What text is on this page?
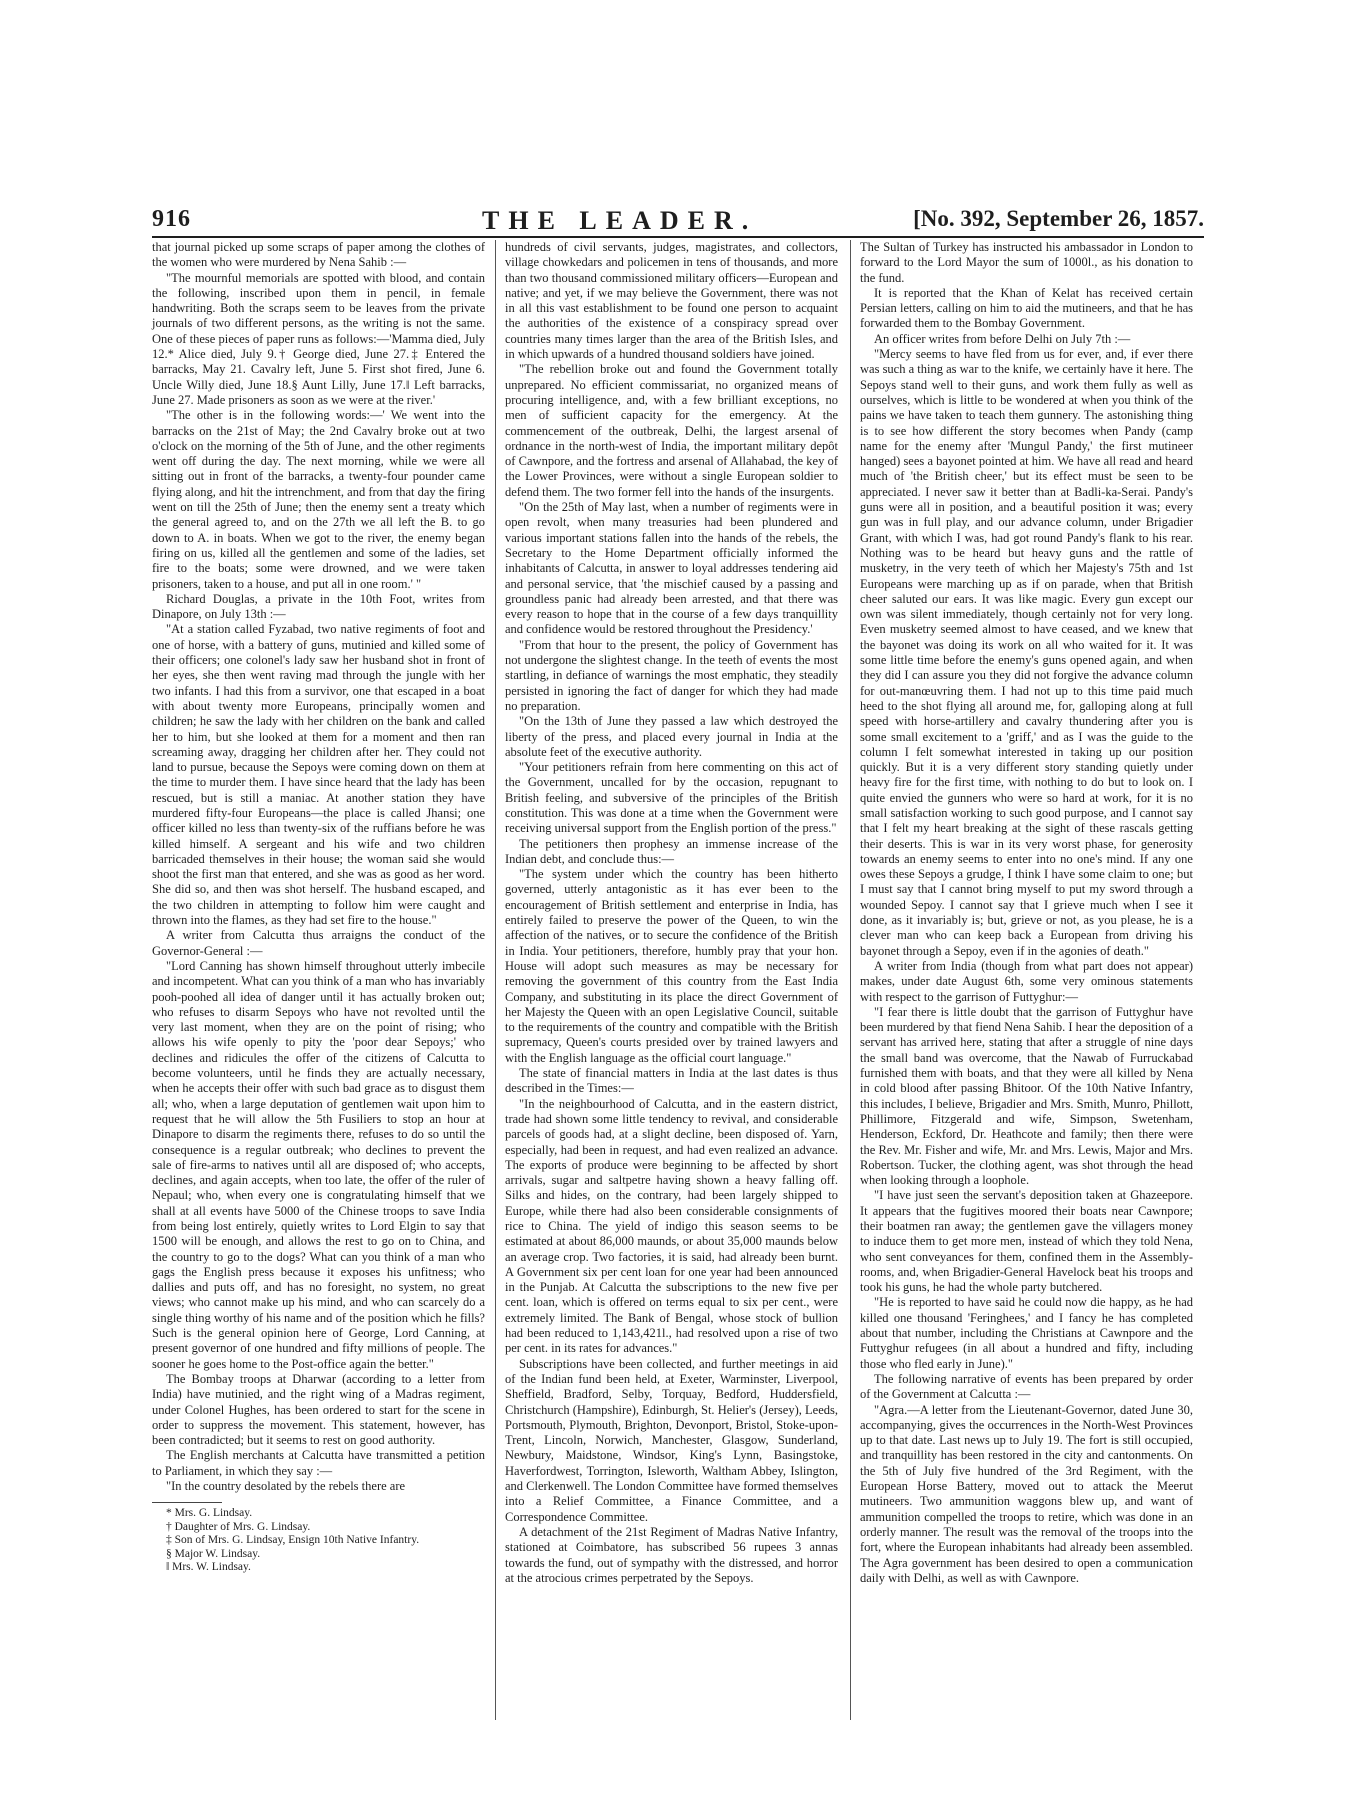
916	THE LEADER.	[No. 392, September 26, 1857.

that journal picked up some scraps of paper among the clothes of the women who were murdered by Nena Sahib :—

"The mournful memorials are spotted with blood, and contain the following, inscribed upon them in pencil, in female handwriting. Both the scraps seem to be leaves from the private journals of two different persons, as the writing is not the same. One of these pieces of paper runs as follows:—'Mamma died, July 12.* Alice died, July 9.† George died, June 27.‡ Entered the barracks, May 21. Cavalry left, June 5. First shot fired, June 6. Uncle Willy died, June 18.§ Aunt Lilly, June 17.‖ Left barracks, June 27. Made prisoners as soon as we were at the river.'

"The other is in the following words:—' We went into the barracks on the 21st of May; the 2nd Cavalry broke out at two o'clock on the morning of the 5th of June, and the other regiments went off during the day. The next morning, while we were all sitting out in front of the barracks, a twenty-four pounder came flying along, and hit the intrenchment, and from that day the firing went on till the 25th of June; then the enemy sent a treaty which the general agreed to, and on the 27th we all left the B. to go down to A. in boats. When we got to the river, the enemy began firing on us, killed all the gentlemen and some of the ladies, set fire to the boats; some were drowned, and we were taken prisoners, taken to a house, and put all in one room.' "

Richard Douglas, a private in the 10th Foot, writes from Dinapore, on July 13th :—

"At a station called Fyzabad, two native regiments of foot and one of horse, with a battery of guns, mutinied and killed some of their officers; one colonel's lady saw her husband shot in front of her eyes, she then went raving mad through the jungle with her two infants. I had this from a survivor, one that escaped in a boat with about twenty more Europeans, principally women and children; he saw the lady with her children on the bank and called her to him, but she looked at them for a moment and then ran screaming away, dragging her children after her. They could not land to pursue, because the Sepoys were coming down on them at the time to murder them. I have since heard that the lady has been rescued, but is still a maniac. At another station they have murdered fifty-four Europeans—the place is called Jhansi; one officer killed no less than twenty-six of the ruffians before he was killed himself. A sergeant and his wife and two children barricaded themselves in their house; the woman said she would shoot the first man that entered, and she was as good as her word. She did so, and then was shot herself. The husband escaped, and the two children in attempting to follow him were caught and thrown into the flames, as they had set fire to the house."

A writer from Calcutta thus arraigns the conduct of the Governor-General :—

"Lord Canning has shown himself throughout utterly imbecile and incompetent. What can you think of a man who has invariably pooh-poohed all idea of danger until it has actually broken out; who refuses to disarm Sepoys who have not revolted until the very last moment, when they are on the point of rising; who allows his wife openly to pity the 'poor dear Sepoys;' who declines and ridicules the offer of the citizens of Calcutta to become volunteers, until he finds they are actually necessary, when he accepts their offer with such bad grace as to disgust them all; who, when a large deputation of gentlemen wait upon him to request that he will allow the 5th Fusiliers to stop an hour at Dinapore to disarm the regiments there, refuses to do so until the consequence is a regular outbreak; who declines to prevent the sale of fire-arms to natives until all are disposed of; who accepts, declines, and again accepts, when too late, the offer of the ruler of Nepaul; who, when every one is congratulating himself that we shall at all events have 5000 of the Chinese troops to save India from being lost entirely, quietly writes to Lord Elgin to say that 1500 will be enough, and allows the rest to go on to China, and the country to go to the dogs? What can you think of a man who gags the English press because it exposes his unfitness; who dallies and puts off, and has no foresight, no system, no great views; who cannot make up his mind, and who can scarcely do a single thing worthy of his name and of the position which he fills? Such is the general opinion here of George, Lord Canning, at present governor of one hundred and fifty millions of people. The sooner he goes home to the Post-office again the better."

The Bombay troops at Dharwar (according to a letter from India) have mutinied, and the right wing of a Madras regiment, under Colonel Hughes, has been ordered to start for the scene in order to suppress the movement. This statement, however, has been contradicted; but it seems to rest on good authority.

The English merchants at Calcutta have transmitted a petition to Parliament, in which they say :—

"In the country desolated by the rebels there are

* Mrs. G. Lindsay.
† Daughter of Mrs. G. Lindsay.
‡ Son of Mrs. G. Lindsay, Ensign 10th Native Infantry.
§ Major W. Lindsay.
‖ Mrs. W. Lindsay.

hundreds of civil servants, judges, magistrates, and collectors, village chowkedars and policemen in tens of thousands, and more than two thousand commissioned military officers—European and native; and yet, if we may believe the Government, there was not in all this vast establishment to be found one person to acquaint the authorities of the existence of a conspiracy spread over countries many times larger than the area of the British Isles, and in which upwards of a hundred thousand soldiers have joined.

"The rebellion broke out and found the Government totally unprepared. No efficient commissariat, no organized means of procuring intelligence, and, with a few brilliant exceptions, no men of sufficient capacity for the emergency. At the commencement of the outbreak, Delhi, the largest arsenal of ordnance in the north-west of India, the important military depôt of Cawnpore, and the fortress and arsenal of Allahabad, the key of the Lower Provinces, were without a single European soldier to defend them. The two former fell into the hands of the insurgents.

"On the 25th of May last, when a number of regiments were in open revolt, when many treasuries had been plundered and various important stations fallen into the hands of the rebels, the Secretary to the Home Department officially informed the inhabitants of Calcutta, in answer to loyal addresses tendering aid and personal service, that 'the mischief caused by a passing and groundless panic had already been arrested, and that there was every reason to hope that in the course of a few days tranquillity and confidence would be restored throughout the Presidency.'

"From that hour to the present, the policy of Government has not undergone the slightest change. In the teeth of events the most startling, in defiance of warnings the most emphatic, they steadily persisted in ignoring the fact of danger for which they had made no preparation.

"On the 13th of June they passed a law which destroyed the liberty of the press, and placed every journal in India at the absolute feet of the executive authority.

"Your petitioners refrain from here commenting on this act of the Government, uncalled for by the occasion, repugnant to British feeling, and subversive of the principles of the British constitution. This was done at a time when the Government were receiving universal support from the English portion of the press."

The petitioners then prophesy an immense increase of the Indian debt, and conclude thus:—

"The system under which the country has been hitherto governed, utterly antagonistic as it has ever been to the encouragement of British settlement and enterprise in India, has entirely failed to preserve the power of the Queen, to win the affection of the natives, or to secure the confidence of the British in India. Your petitioners, therefore, humbly pray that your hon. House will adopt such measures as may be necessary for removing the government of this country from the East India Company, and substituting in its place the direct Government of her Majesty the Queen with an open Legislative Council, suitable to the requirements of the country and compatible with the British supremacy, Queen's courts presided over by trained lawyers and with the English language as the official court language."

The state of financial matters in India at the last dates is thus described in the Times:—

"In the neighbourhood of Calcutta, and in the eastern district, trade had shown some little tendency to revival, and considerable parcels of goods had, at a slight decline, been disposed of. Yarn, especially, had been in request, and had even realized an advance. The exports of produce were beginning to be affected by short arrivals, sugar and saltpetre having shown a heavy falling off. Silks and hides, on the contrary, had been largely shipped to Europe, while there had also been considerable consignments of rice to China. The yield of indigo this season seems to be estimated at about 86,000 maunds, or about 35,000 maunds below an average crop. Two factories, it is said, had already been burnt. A Government six per cent loan for one year had been announced in the Punjab. At Calcutta the subscriptions to the new five per cent. loan, which is offered on terms equal to six per cent., were extremely limited. The Bank of Bengal, whose stock of bullion had been reduced to 1,143,421l., had resolved upon a rise of two per cent. in its rates for advances."

Subscriptions have been collected, and further meetings in aid of the Indian fund been held, at Exeter, Warminster, Liverpool, Sheffield, Bradford, Selby, Torquay, Bedford, Huddersfield, Christchurch (Hampshire), Edinburgh, St. Helier's (Jersey), Leeds, Portsmouth, Plymouth, Brighton, Devonport, Bristol, Stoke-upon-Trent, Lincoln, Norwich, Manchester, Glasgow, Sunderland, Newbury, Maidstone, Windsor, King's Lynn, Basingstoke, Haverfordwest, Torrington, Isleworth, Waltham Abbey, Islington, and Clerkenwell. The London Committee have formed themselves into a Relief Committee, a Finance Committee, and a Correspondence Committee.

A detachment of the 21st Regiment of Madras Native Infantry, stationed at Coimbatore, has subscribed 56 rupees 3 annas towards the fund, out of sympathy with the distressed, and horror at the atrocious crimes perpetrated by the Sepoys.

The Sultan of Turkey has instructed his ambassador in London to forward to the Lord Mayor the sum of 1000l., as his donation to the fund.

It is reported that the Khan of Kelat has received certain Persian letters, calling on him to aid the mutineers, and that he has forwarded them to the Bombay Government.

An officer writes from before Delhi on July 7th :—

"Mercy seems to have fled from us for ever, and, if ever there was such a thing as war to the knife, we certainly have it here. The Sepoys stand well to their guns, and work them fully as well as ourselves, which is little to be wondered at when you think of the pains we have taken to teach them gunnery. The astonishing thing is to see how different the story becomes when Pandy (camp name for the enemy after 'Mungul Pandy,' the first mutineer hanged) sees a bayonet pointed at him. We have all read and heard much of 'the British cheer,' but its effect must be seen to be appreciated. I never saw it better than at Badli-ka-Serai. Pandy's guns were all in position, and a beautiful position it was; every gun was in full play, and our advance column, under Brigadier Grant, with which I was, had got round Pandy's flank to his rear. Nothing was to be heard but heavy guns and the rattle of musketry, in the very teeth of which her Majesty's 75th and 1st Europeans were marching up as if on parade, when that British cheer saluted our ears. It was like magic. Every gun except our own was silent immediately, though certainly not for very long. Even musketry seemed almost to have ceased, and we knew that the bayonet was doing its work on all who waited for it. It was some little time before the enemy's guns opened again, and when they did I can assure you they did not forgive the advance column for out-manœuvring them. I had not up to this time paid much heed to the shot flying all around me, for, galloping along at full speed with horse-artillery and cavalry thundering after you is some small excitement to a 'griff,' and as I was the guide to the column I felt somewhat interested in taking up our position quickly. But it is a very different story standing quietly under heavy fire for the first time, with nothing to do but to look on. I quite envied the gunners who were so hard at work, for it is no small satisfaction working to such good purpose, and I cannot say that I felt my heart breaking at the sight of these rascals getting their deserts. This is war in its very worst phase, for generosity towards an enemy seems to enter into no one's mind. If any one owes these Sepoys a grudge, I think I have some claim to one; but I must say that I cannot bring myself to put my sword through a wounded Sepoy. I cannot say that I grieve much when I see it done, as it invariably is; but, grieve or not, as you please, he is a clever man who can keep back a European from driving his bayonet through a Sepoy, even if in the agonies of death."

A writer from India (though from what part does not appear) makes, under date August 6th, some very ominous statements with respect to the garrison of Futtyghur:—

"I fear there is little doubt that the garrison of Futtyghur have been murdered by that fiend Nena Sahib. I hear the deposition of a servant has arrived here, stating that after a struggle of nine days the small band was overcome, that the Nawab of Furruckabad furnished them with boats, and that they were all killed by Nena in cold blood after passing Bhitoor. Of the 10th Native Infantry, this includes, I believe, Brigadier and Mrs. Smith, Munro, Phillott, Phillimore, Fitzgerald and wife, Simpson, Swetenham, Henderson, Eckford, Dr. Heathcote and family; then there were the Rev. Mr. Fisher and wife, Mr. and Mrs. Lewis, Major and Mrs. Robertson. Tucker, the clothing agent, was shot through the head when looking through a loophole.

"I have just seen the servant's deposition taken at Ghazeepore. It appears that the fugitives moored their boats near Cawnpore; their boatmen ran away; the gentlemen gave the villagers money to induce them to get more men, instead of which they told Nena, who sent conveyances for them, confined them in the Assembly-rooms, and, when Brigadier-General Havelock beat his troops and took his guns, he had the whole party butchered.

"He is reported to have said he could now die happy, as he had killed one thousand 'Feringhees,' and I fancy he has completed about that number, including the Christians at Cawnpore and the Futtyghur refugees (in all about a hundred and fifty, including those who fled early in June)."

The following narrative of events has been prepared by order of the Government at Calcutta :—

"Agra.—A letter from the Lieutenant-Governor, dated June 30, accompanying, gives the occurrences in the North-West Provinces up to that date. Last news up to July 19. The fort is still occupied, and tranquillity has been restored in the city and cantonments. On the 5th of July five hundred of the 3rd Regiment, with the European Horse Battery, moved out to attack the Meerut mutineers. Two ammunition waggons blew up, and want of ammunition compelled the troops to retire, which was done in an orderly manner. The result was the removal of the troops into the fort, where the European inhabitants had already been assembled. The Agra government has been desired to open a communication daily with Delhi, as well as with Cawnpore.
